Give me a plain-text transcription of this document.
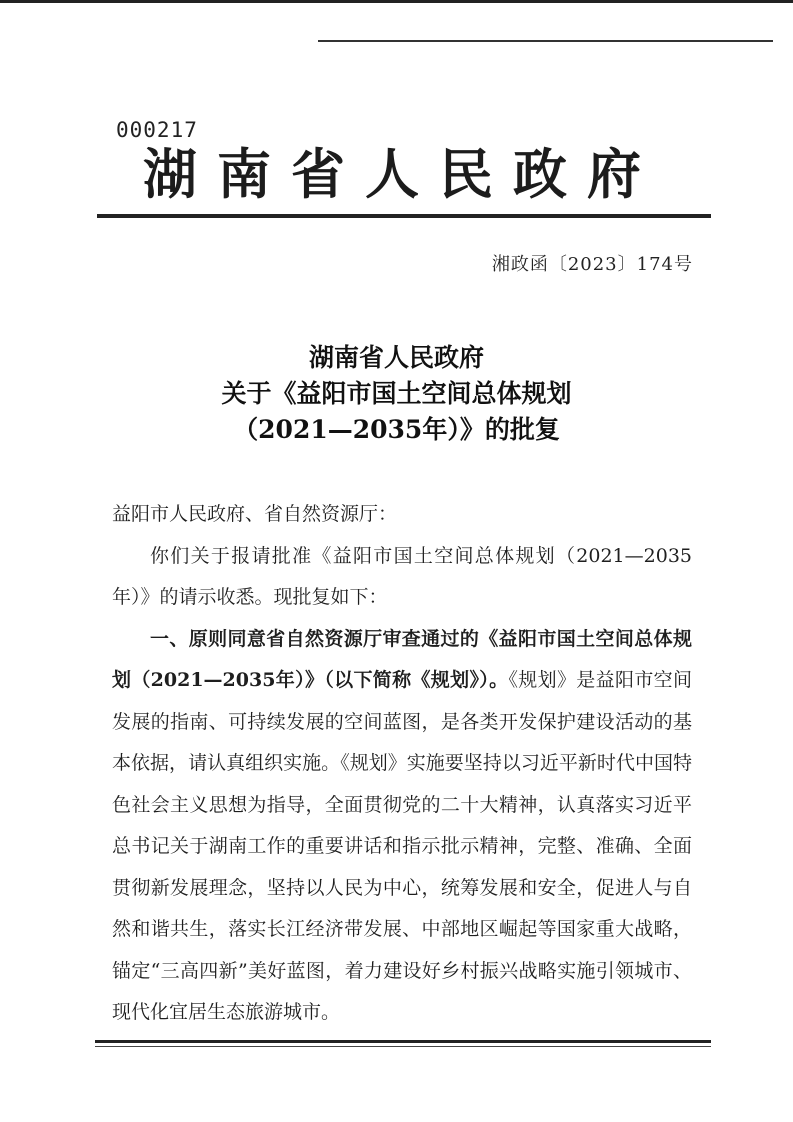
000217
湖南省人民政府
湘政函〔2023〕174号
湖南省人民政府
关于《益阳市国土空间总体规划
（2021—2035年）》的批复

益阳市人民政府、省自然资源厅：

你们关于报请批准《益阳市国土空间总体规划（2021—2035年）》的请示收悉。现批复如下：

一、原则同意省自然资源厅审查通过的《益阳市国土空间总体规划（2021—2035年）》（以下简称《规划》）。《规划》是益阳市空间发展的指南、可持续发展的空间蓝图，是各类开发保护建设活动的基本依据，请认真组织实施。《规划》实施要坚持以习近平新时代中国特色社会主义思想为指导，全面贯彻党的二十大精神，认真落实习近平总书记关于湖南工作的重要讲话和指示批示精神，完整、准确、全面贯彻新发展理念，坚持以人民为中心，统筹发展和安全，促进人与自然和谐共生，落实长江经济带发展、中部地区崛起等国家重大战略，锚定“三高四新”美好蓝图，着力建设好乡村振兴战略实施引领城市、现代化宜居生态旅游城市。
